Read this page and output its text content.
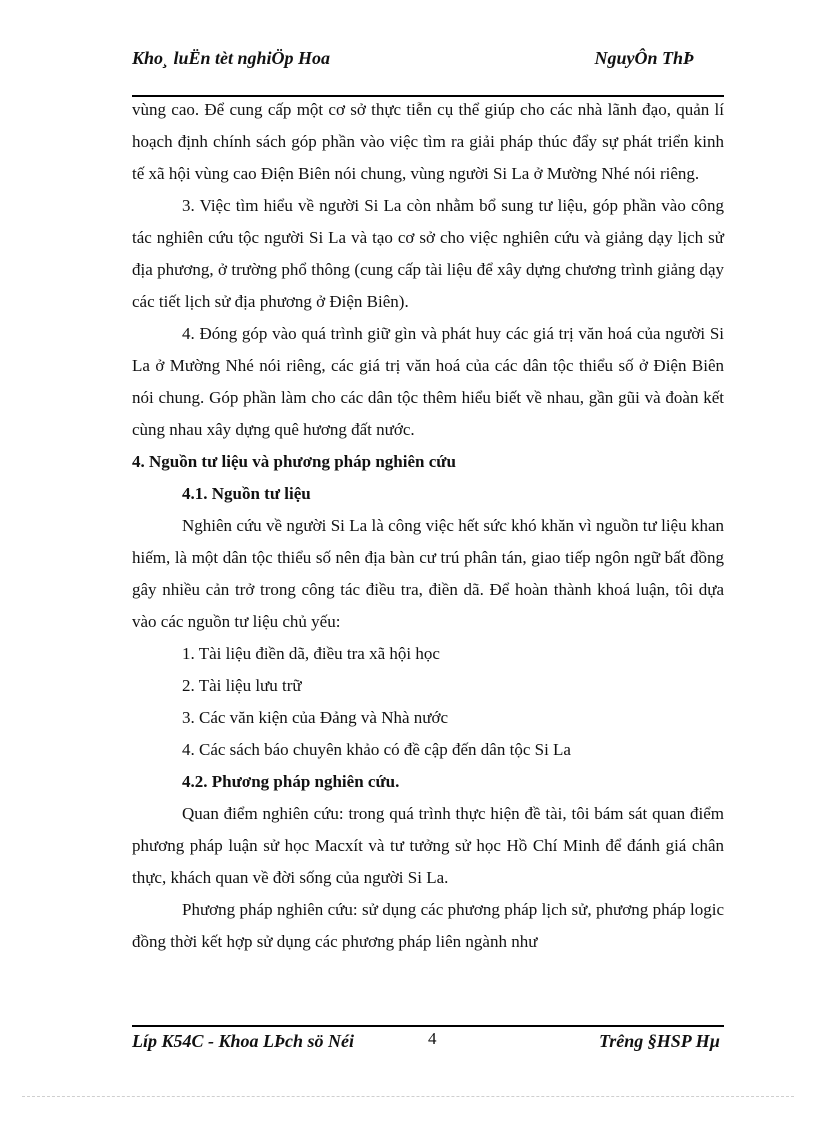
Kho¸ luËn tèt nghiÖp Hoa	NguyÔn ThÞ

vùng cao. Để cung cấp một cơ sở thực tiễn cụ thể giúp cho các nhà lãnh đạo, quản lí hoạch định chính sách góp phần vào việc tìm ra giải pháp thúc đẩy sự phát triển kinh tế xã hội vùng cao Điện Biên nói chung, vùng người Si La ở Mường Nhé nói riêng.

3. Việc tìm hiểu về người Si La còn nhằm bổ sung tư liệu, góp phần vào công tác nghiên cứu tộc người Si La và tạo cơ sở cho việc nghiên cứu và giảng dạy lịch sử địa phương, ở trường phổ thông (cung cấp tài liệu để xây dựng chương trình giảng dạy các tiết lịch sử địa phương ở Điện Biên).

4. Đóng góp vào quá trình giữ gìn và phát huy các giá trị văn hoá của người Si La ở Mường Nhé nói riêng, các giá trị văn hoá của các dân tộc thiểu số ở Điện Biên nói chung. Góp phần làm cho các dân tộc thêm hiểu biết về nhau, gần gũi và đoàn kết cùng nhau xây dựng quê hương đất nước.

4. Nguồn tư liệu và phương pháp nghiên cứu

4.1. Nguồn tư liệu

Nghiên cứu về người Si La là công việc hết sức khó khăn vì nguồn tư liệu khan hiếm, là một dân tộc thiểu số nên địa bàn cư trú phân tán, giao tiếp ngôn ngữ bất đồng gây nhiều cản trở trong công tác điều tra, điền dã. Để hoàn thành khoá luận, tôi dựa vào các nguồn tư liệu chủ yếu:

1. Tài liệu điền dã, điều tra xã hội học

2. Tài liệu lưu trữ

3. Các văn kiện của Đảng và Nhà nước

4. Các sách báo chuyên khảo có đề cập đến dân tộc Si La

4.2. Phương pháp nghiên cứu.

Quan điểm nghiên cứu: trong quá trình thực hiện đề tài, tôi bám sát quan điểm phương pháp luận sử học Macxít và tư tưởng sử học Hồ Chí Minh để đánh giá chân thực, khách quan về đời sống của người Si La.

Phương pháp nghiên cứu: sử dụng các phương pháp lịch sử, phương pháp logic đồng thời kết hợp sử dụng các phương pháp liên ngành như

Líp K54C - Khoa LÞch sö Néi	4	Trêng §HSP Hµ
